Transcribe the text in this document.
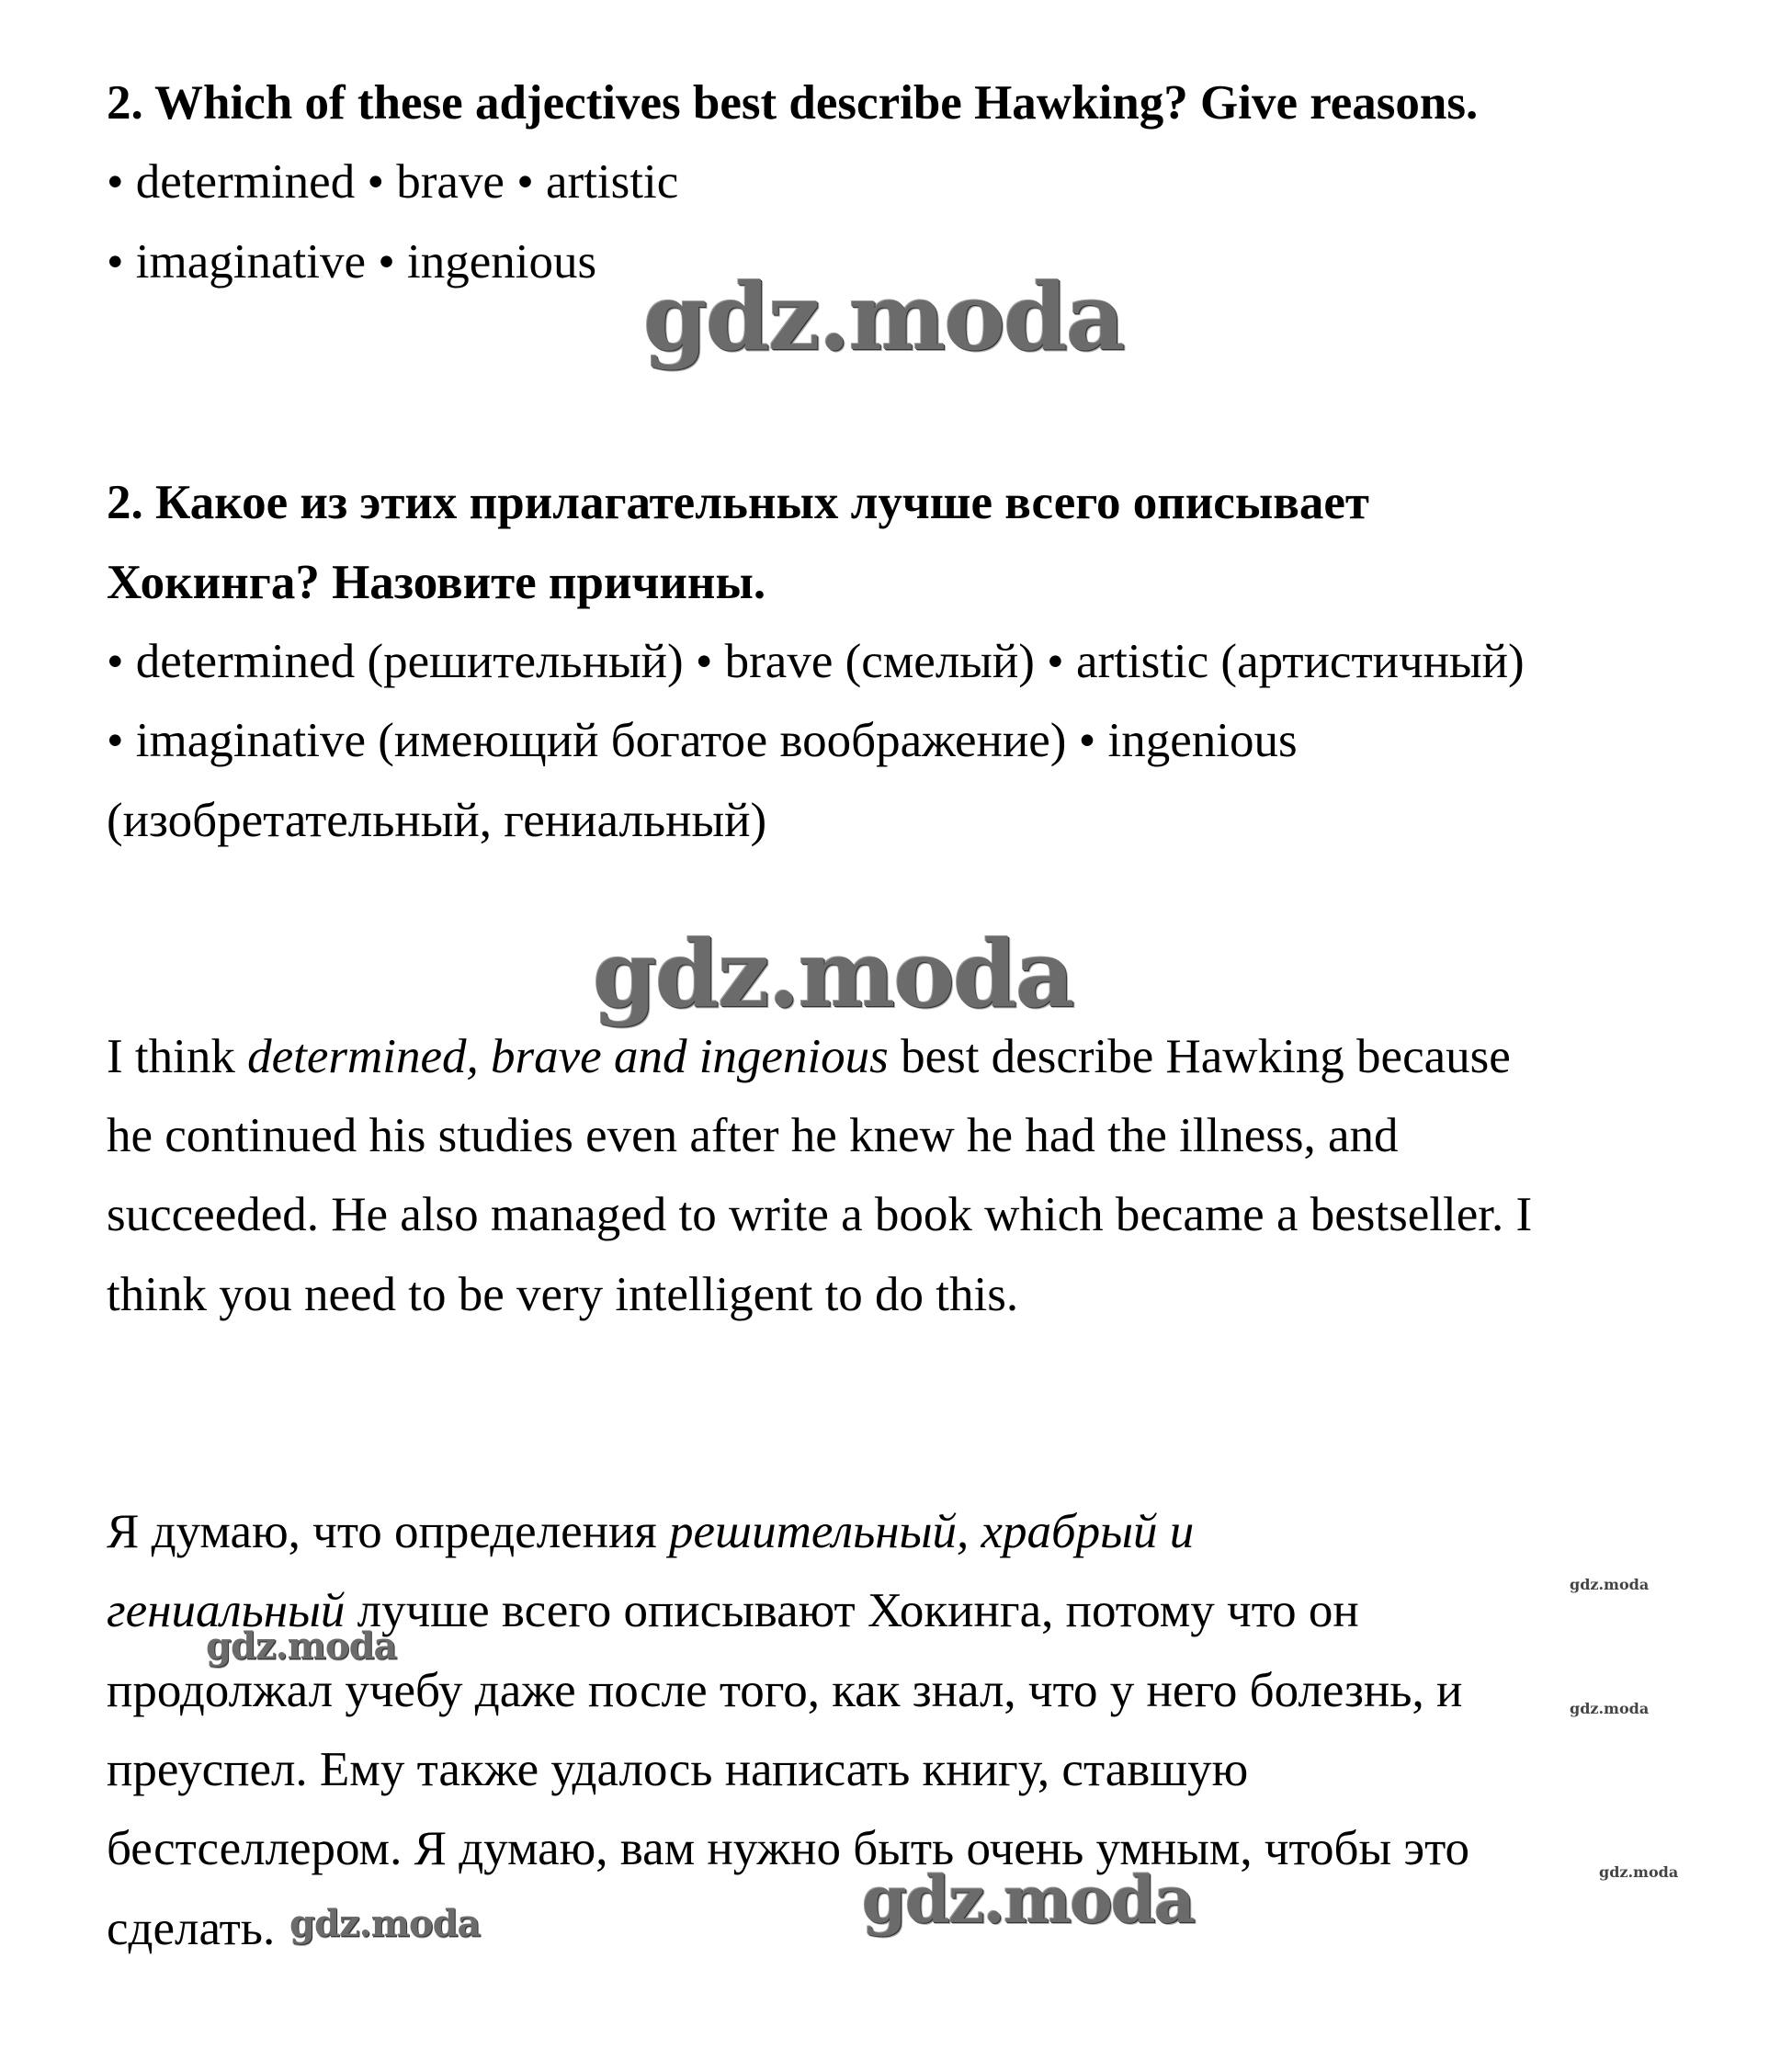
2. Which of these adjectives best describe Hawking? Give reasons.
• determined • brave • artistic
• imaginative • ingenious
gdz.moda
2. Какое из этих прилагательных лучше всего описывает
Хокинга? Назовите причины.
• determined (решительный) • brave (смелый) • artistic (артистичный)
• imaginative (имеющий богатое воображение) • ingenious
(изобретательный, гениальный)
gdz.moda
I think determined, brave and ingenious best describe Hawking because
he continued his studies even after he knew he had the illness, and
succeeded. He also managed to write a book which became a bestseller. I
think you need to be very intelligent to do this.
Я думаю, что определения решительный, храбрый и
гениальный лучше всего описывают Хокинга, потому что он
продолжал учебу даже после того, как знал, что у него болезнь, и
преуспел. Ему также удалось написать книгу, ставшую
бестселлером. Я думаю, вам нужно быть очень умным, чтобы это
сделать.
gdz.moda
gdz.moda
gdz.moda
gdz.moda
gdz.moda
gdz.moda
